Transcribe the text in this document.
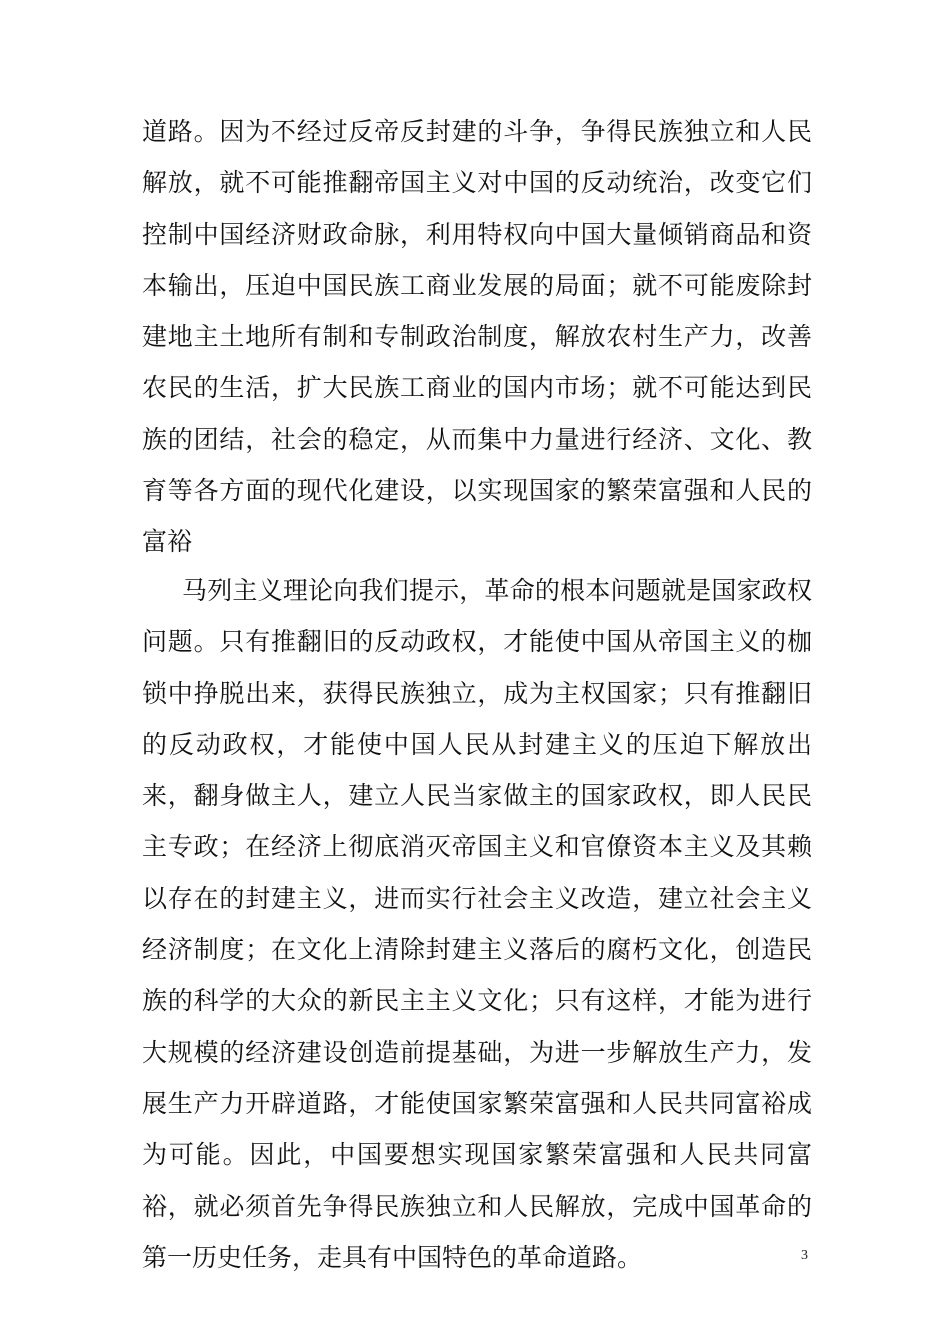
道路。因为不经过反帝反封建的斗争，争得民族独立和人民解放，就不可能推翻帝国主义对中国的反动统治，改变它们控制中国经济财政命脉，利用特权向中国大量倾销商品和资本输出，压迫中国民族工商业发展的局面；就不可能废除封建地主土地所有制和专制政治制度，解放农村生产力，改善农民的生活，扩大民族工商业的国内市场；就不可能达到民族的团结，社会的稳定，从而集中力量进行经济、文化、教育等各方面的现代化建设，以实现国家的繁荣富强和人民的富裕

马列主义理论向我们提示，革命的根本问题就是国家政权问题。只有推翻旧的反动政权，才能使中国从帝国主义的枷锁中挣脱出来，获得民族独立，成为主权国家；只有推翻旧的反动政权，才能使中国人民从封建主义的压迫下解放出来，翻身做主人，建立人民当家做主的国家政权，即人民民主专政；在经济上彻底消灭帝国主义和官僚资本主义及其赖以存在的封建主义，进而实行社会主义改造，建立社会主义经济制度；在文化上清除封建主义落后的腐朽文化，创造民族的科学的大众的新民主主义文化；只有这样，才能为进行大规模的经济建设创造前提基础，为进一步解放生产力，发展生产力开辟道路，才能使国家繁荣富强和人民共同富裕成为可能。因此，中国要想实现国家繁荣富强和人民共同富裕，就必须首先争得民族独立和人民解放，完成中国革命的第一历史任务，走具有中国特色的革命道路。	3
